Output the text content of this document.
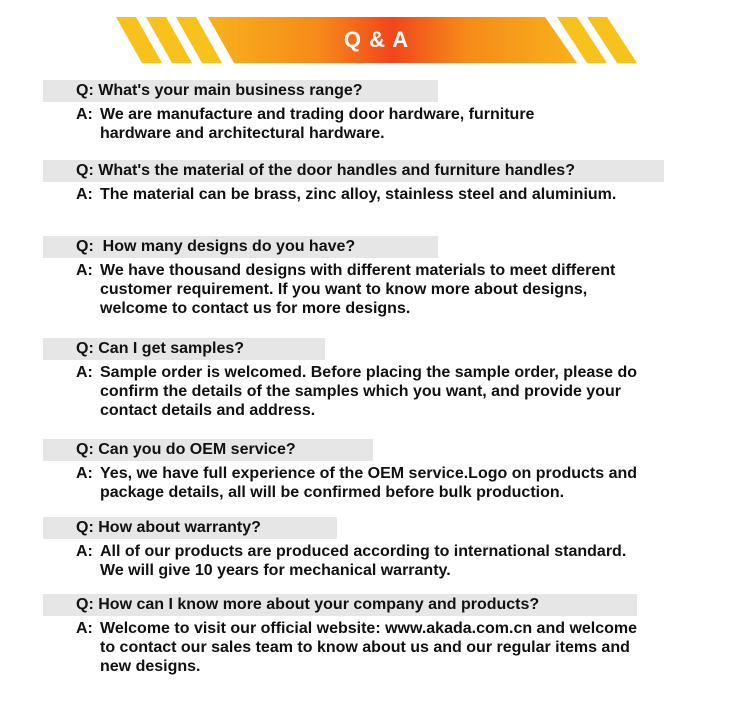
Q & A
Q: What's your main business range?
A: We are manufacture and trading door hardware, furniture
hardware and architectural hardware.
Q: What's the material of the door handles and furniture handles?
A: The material can be brass, zinc alloy, stainless steel and aluminium.
Q:  How many designs do you have?
A: We have thousand designs with different materials to meet different
customer requirement. If you want to know more about designs,
welcome to contact us for more designs.
Q: Can I get samples?
A: Sample order is welcomed. Before placing the sample order, please do
confirm the details of the samples which you want, and provide your
contact details and address.
Q: Can you do OEM service?
A: Yes, we have full experience of the OEM service.Logo on products and
package details, all will be confirmed before bulk production.
Q: How about warranty?
A: All of our products are produced according to international standard.
We will give 10 years for mechanical warranty.
Q: How can I know more about your company and products?
A: Welcome to visit our official website: www.akada.com.cn and welcome
to contact our sales team to know about us and our regular items and
new designs.
